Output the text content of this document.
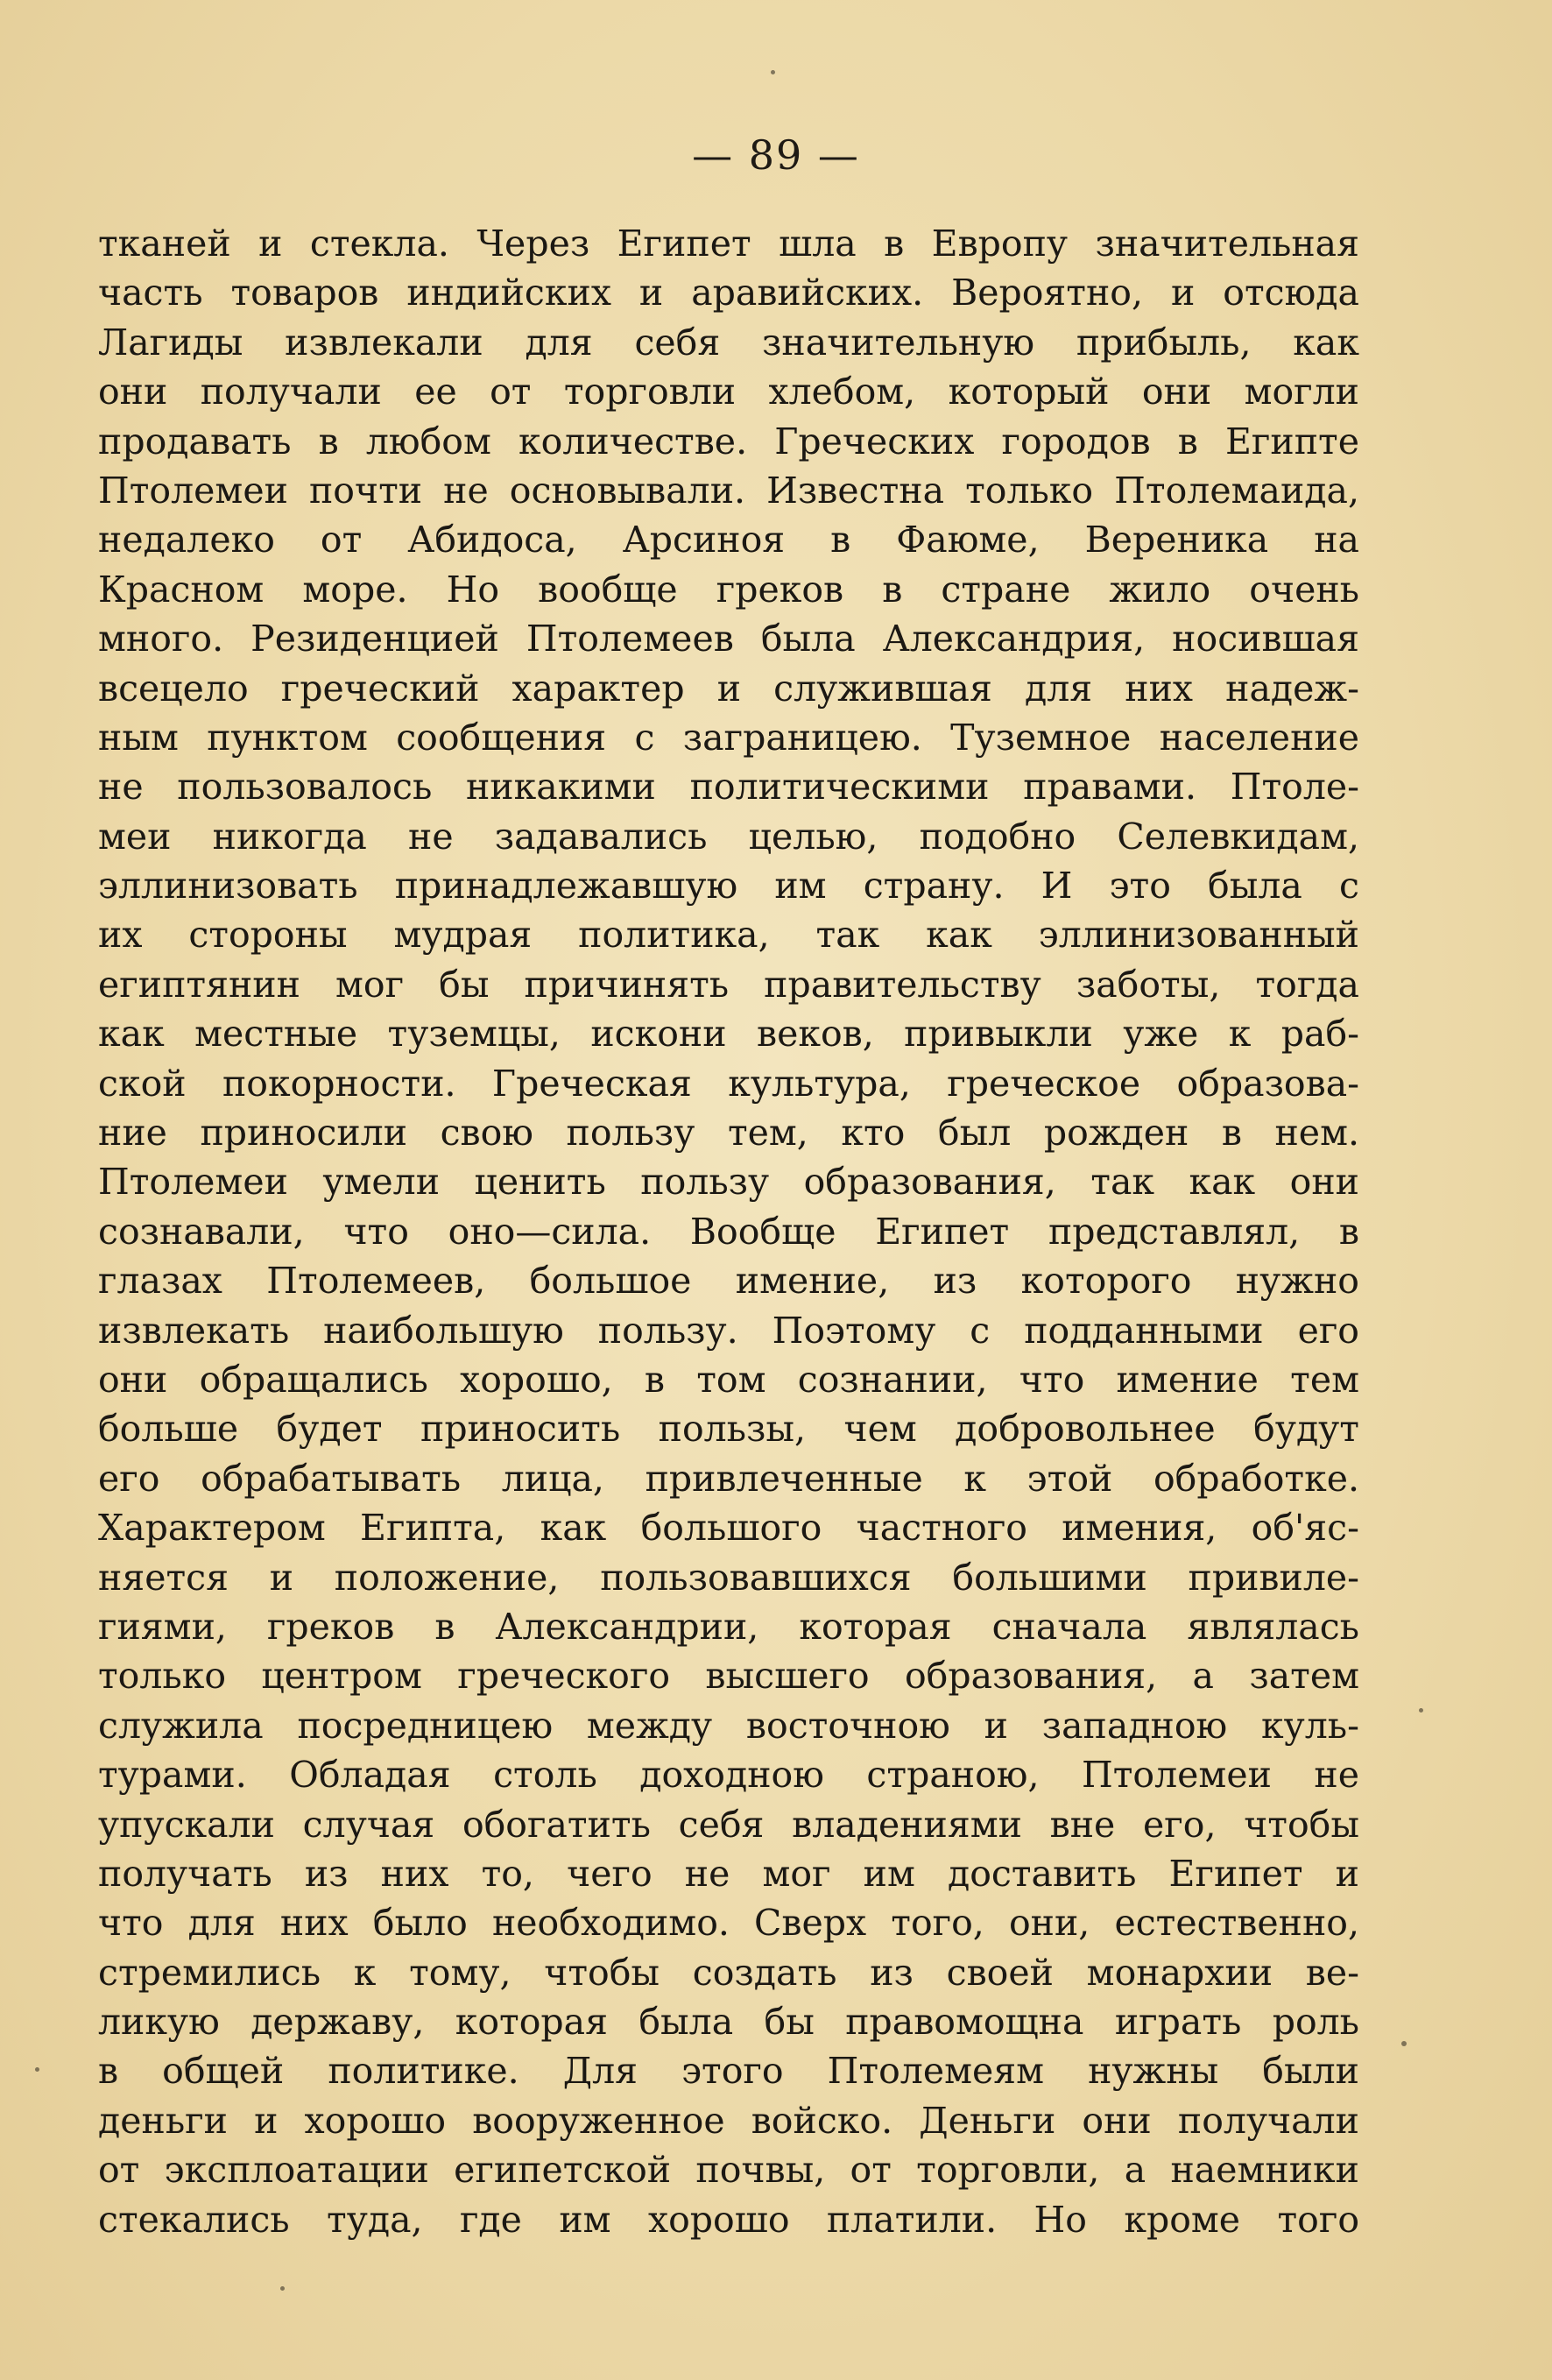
— 89 —
тканей и стекла. Через Египет шла в Европу значительная
часть товаров индийских и аравийских. Вероятно, и отсюда
Лагиды извлекали для себя значительную прибыль, как
они получали ее от торговли хлебом, который они могли
продавать в любом количестве. Греческих городов в Египте
Птолемеи почти не основывали. Известна только Птолемаида,
недалеко от Абидоса, Арсиноя в Фаюме, Вереника на
Красном море. Но вообще греков в стране жило очень
много. Резиденцией Птолемеев была Александрия, носившая
всецело греческий характер и служившая для них надеж-
ным пунктом сообщения с заграницею. Туземное население
не пользовалось никакими политическими правами. Птоле-
меи никогда не задавались целью, подобно Селевкидам,
эллинизовать принадлежавшую им страну. И это была с
их стороны мудрая политика, так как эллинизованный
египтянин мог бы причинять правительству заботы, тогда
как местные туземцы, искони веков, привыкли уже к раб-
ской покорности. Греческая культура, греческое образова-
ние приносили свою пользу тем, кто был рожден в нем.
Птолемеи умели ценить пользу образования, так как они
сознавали, что оно—сила. Вообще Египет представлял, в
глазах Птолемеев, большое имение, из которого нужно
извлекать наибольшую пользу. Поэтому с подданными его
они обращались хорошо, в том сознании, что имение тем
больше будет приносить пользы, чем добровольнее будут
его обрабатывать лица, привлеченные к этой обработке.
Характером Египта, как большого частного имения, об'яс-
няется и положение, пользовавшихся большими привиле-
гиями, греков в Александрии, которая сначала являлась
только центром греческого высшего образования, а затем
служила посредницею между восточною и западною куль-
турами. Обладая столь доходною страною, Птолемеи не
упускали случая обогатить себя владениями вне его, чтобы
получать из них то, чего не мог им доставить Египет и
что для них было необходимо. Сверх того, они, естественно,
стремились к тому, чтобы создать из своей монархии ве-
ликую державу, которая была бы правомощна играть роль
в общей политике. Для этого Птолемеям нужны были
деньги и хорошо вооруженное войско. Деньги они получали
от эксплоатации египетской почвы, от торговли, а наемники
стекались туда, где им хорошо платили. Но кроме того
